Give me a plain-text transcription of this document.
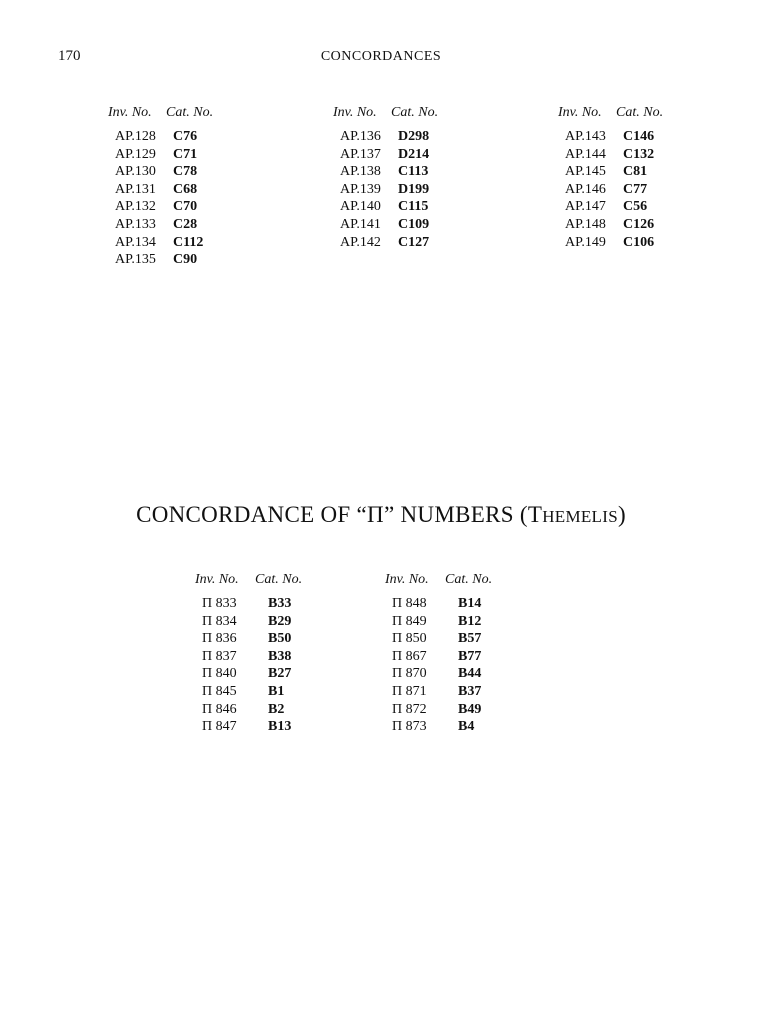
170	CONCORDANCES
Inv. No. Cat. No.
AP.128 C76
AP.129 C71
AP.130 C78
AP.131 C68
AP.132 C70
AP.133 C28
AP.134 C112
AP.135 C90
Inv. No. Cat. No.
AP.136 D298
AP.137 D214
AP.138 C113
AP.139 D199
AP.140 C115
AP.141 C109
AP.142 C127
Inv. No. Cat. No.
AP.143 C146
AP.144 C132
AP.145 C81
AP.146 C77
AP.147 C56
AP.148 C126
AP.149 C106
CONCORDANCE OF “Π” NUMBERS (THEMELIS)
Inv. No. Cat. No.
Π 833 B33
Π 834 B29
Π 836 B50
Π 837 B38
Π 840 B27
Π 845 B1
Π 846 B2
Π 847 B13
Inv. No. Cat. No.
Π 848 B14
Π 849 B12
Π 850 B57
Π 867 B77
Π 870 B44
Π 871 B37
Π 872 B49
Π 873 B4
